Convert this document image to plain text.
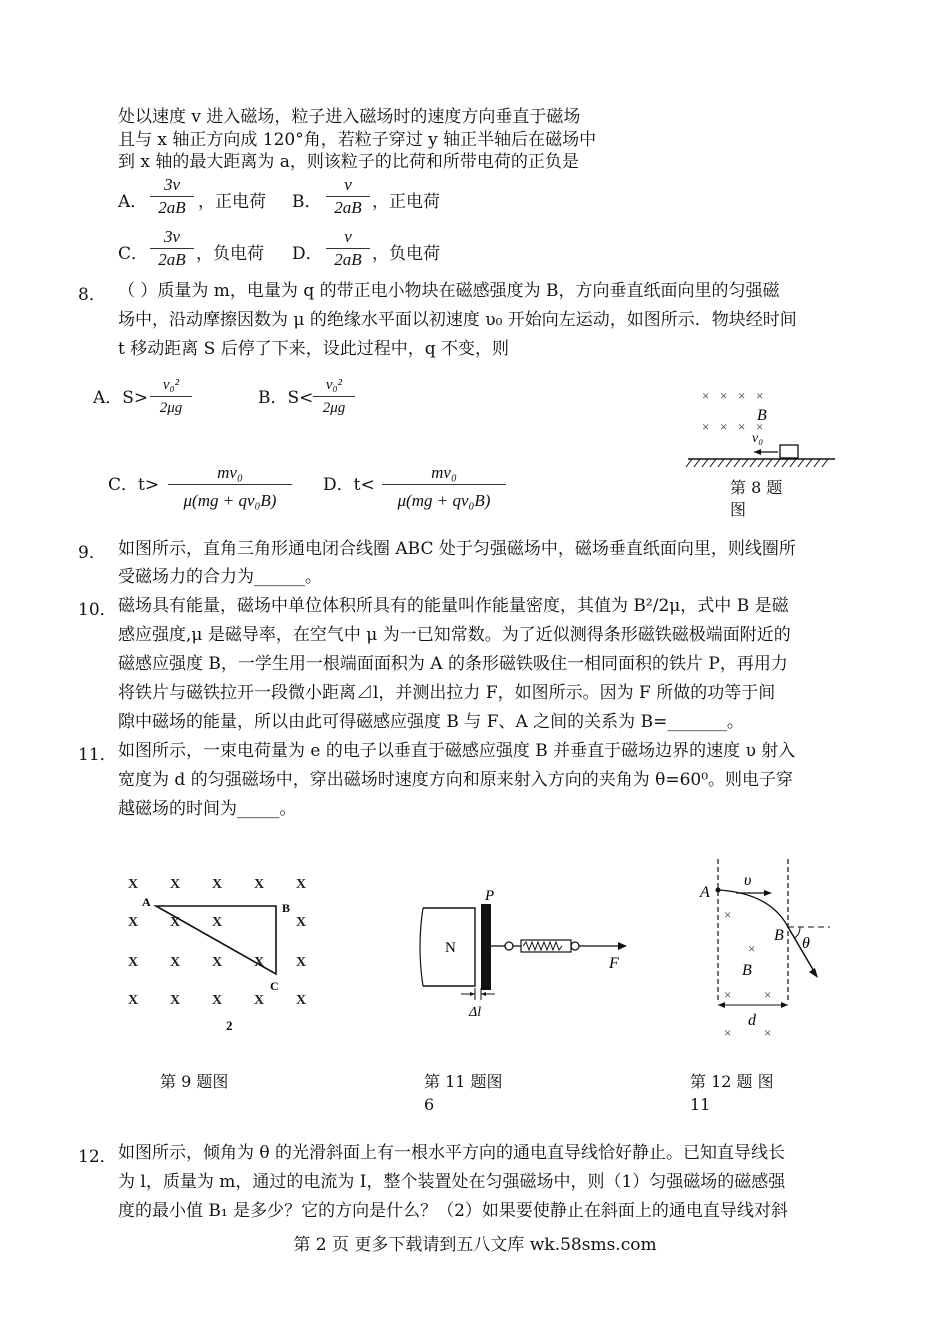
处以速度 v 进入磁场，粒子进入磁场时的速度方向垂直于磁场
且与 x 轴正方向成 120°角，若粒子穿过 y 轴正半轴后在磁场中
到 x 轴的最大距离为 a，则该粒子的比荷和所带电荷的正负是
A． $\frac{3v}{2aB}$ ，正电荷 B． $\frac{v}{2aB}$ ，正电荷
C． $\frac{3v}{2aB}$ ，负电荷 D． $\frac{v}{2aB}$ ，负电荷
8． （ ）质量为 m，电量为 q 的带正电小物块在磁感强度为 B，方向垂直纸面向里的匀强磁
场中，沿动摩擦因数为 μ 的绝缘水平面以初速度 υ₀ 开始向左运动，如图所示．物块经时间
t 移动距离 S 后停了下来，设此过程中，q 不变，则
A．$S> \frac{\text{v₀²}}{2\mu g}$	B．$S< \frac{\text{v₀²}}{2\mu g}$
C．$t> \frac{\text{mv₀}}{\text{μ(mg + qv₀B)}}$ D．$t< \frac{\text{mv₀}}{\text{μ(mg + qv₀B)}}$
× × × ×
× × × ×
B
v₀
第 8 题
图
9． 如图所示，直角三角形通电闭合线圈 ABC 处于匀强磁场中，磁场垂直纸面向里，则线圈所
受磁场力的合力为______。
10． 磁场具有能量，磁场中单位体积所具有的能量叫作能量密度，其值为 B²/2μ，式中 B 是磁
感应强度,μ 是磁导率，在空气中 μ 为一已知常数。为了近似测得条形磁铁磁极端面附近的
磁感应强度 B，一学生用一根端面面积为 A 的条形磁铁吸住一相同面积的铁片 P，再用力
将铁片与磁铁拉开一段微小距离⊿l，并测出拉力 F，如图所示。因为 F 所做的功等于间
隙中磁场的能量，所以由此可得磁感应强度 B 与 F、A 之间的关系为 B=_______。
11． 如图所示，一束电荷量为 e 的电子以垂直于磁感应强度 B 并垂直于磁场边界的速度 υ 射入
宽度为 d 的匀强磁场中，穿出磁场时速度方向和原来射入方向的夹角为 θ=60⁰。则电子穿
越磁场的时间为_____。
X X X X X
X X X	X
X X X X X
X X X X X
A	B
C
2
第 9 题图
N
P
F
Δl
第 11 题图
6
A
υ
B θ
×
×
×	×
×	×
B
d
第 12 题 图
11
12． 如图所示，倾角为 θ 的光滑斜面上有一根水平方向的通电直导线恰好静止。已知直导线长
为 l，质量为 m，通过的电流为 I，整个装置处在匀强磁场中，则（1）匀强磁场的磁感强
度的最小值 B₁ 是多少？它的方向是什么？（2）如果要使静止在斜面上的通电直导线对斜
第 2 页 更多下载请到五八文库 wk.58sms.com
